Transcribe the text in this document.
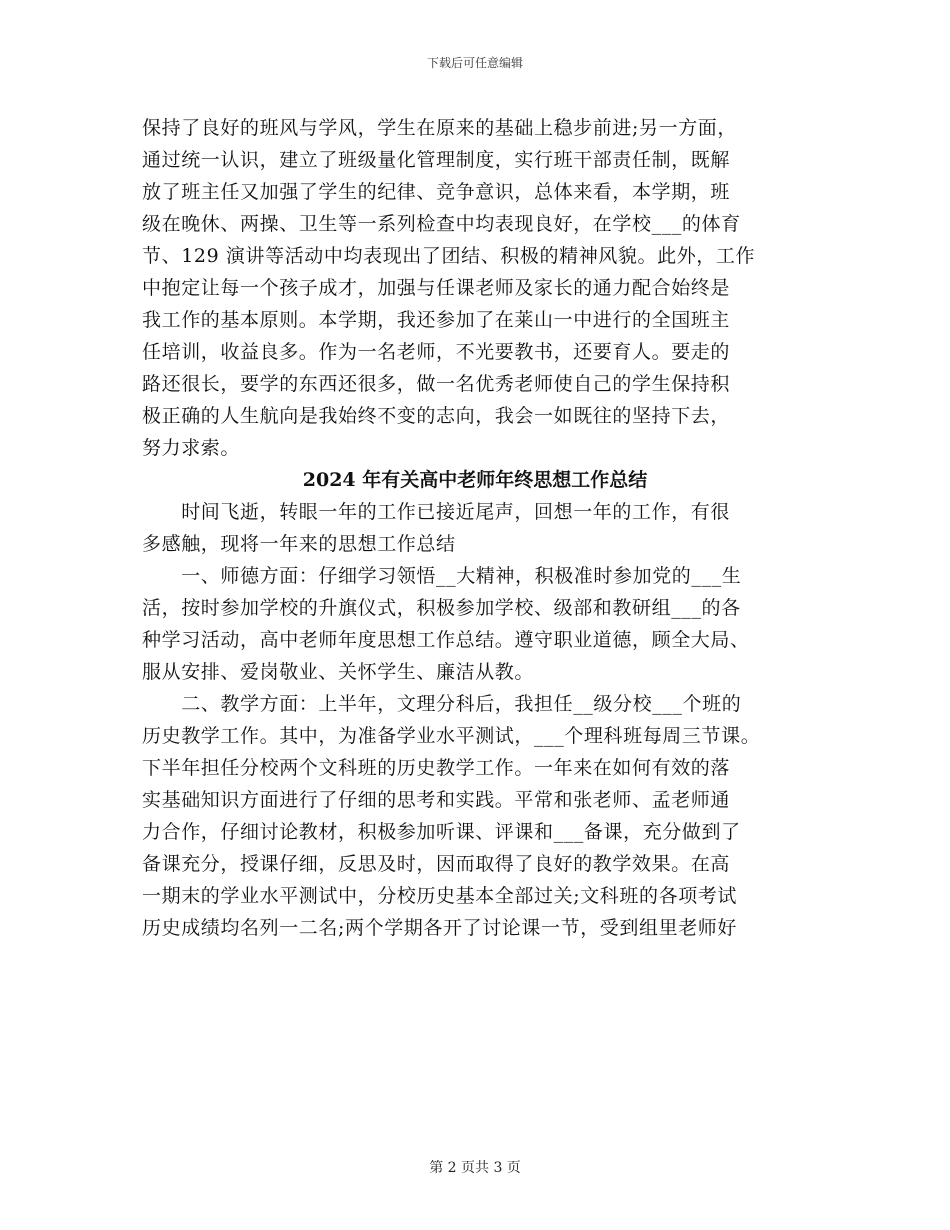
下载后可任意编辑
保持了良好的班风与学风，学生在原来的基础上稳步前进;另一方面，
通过统一认识，建立了班级量化管理制度，实行班干部责任制，既解
放了班主任又加强了学生的纪律、竞争意识，总体来看，本学期，班
级在晚休、两操、卫生等一系列检查中均表现良好，在学校___的体育
节、129 演讲等活动中均表现出了团结、积极的精神风貌。此外，工作
中抱定让每一个孩子成才，加强与任课老师及家长的通力配合始终是
我工作的基本原则。本学期，我还参加了在莱山一中进行的全国班主
任培训，收益良多。作为一名老师，不光要教书，还要育人。要走的
路还很长，要学的东西还很多，做一名优秀老师使自己的学生保持积
极正确的人生航向是我始终不变的志向，我会一如既往的坚持下去，
努力求索。
2024 年有关高中老师年终思想工作总结
　　时间飞逝，转眼一年的工作已接近尾声，回想一年的工作，有很
多感触，现将一年来的思想工作总结
　　一、师德方面：仔细学习领悟__大精神，积极准时参加党的___生
活，按时参加学校的升旗仪式，积极参加学校、级部和教研组___的各
种学习活动，高中老师年度思想工作总结。遵守职业道德，顾全大局、
服从安排、爱岗敬业、关怀学生、廉洁从教。
　　二、教学方面：上半年，文理分科后，我担任__级分校___个班的
历史教学工作。其中，为准备学业水平测试，___个理科班每周三节课。
下半年担任分校两个文科班的历史教学工作。一年来在如何有效的落
实基础知识方面进行了仔细的思考和实践。平常和张老师、孟老师通
力合作，仔细讨论教材，积极参加听课、评课和___备课，充分做到了
备课充分，授课仔细，反思及时，因而取得了良好的教学效果。在高
一期末的学业水平测试中，分校历史基本全部过关;文科班的各项考试
历史成绩均名列一二名;两个学期各开了讨论课一节，受到组里老师好
第 2 页共 3 页
